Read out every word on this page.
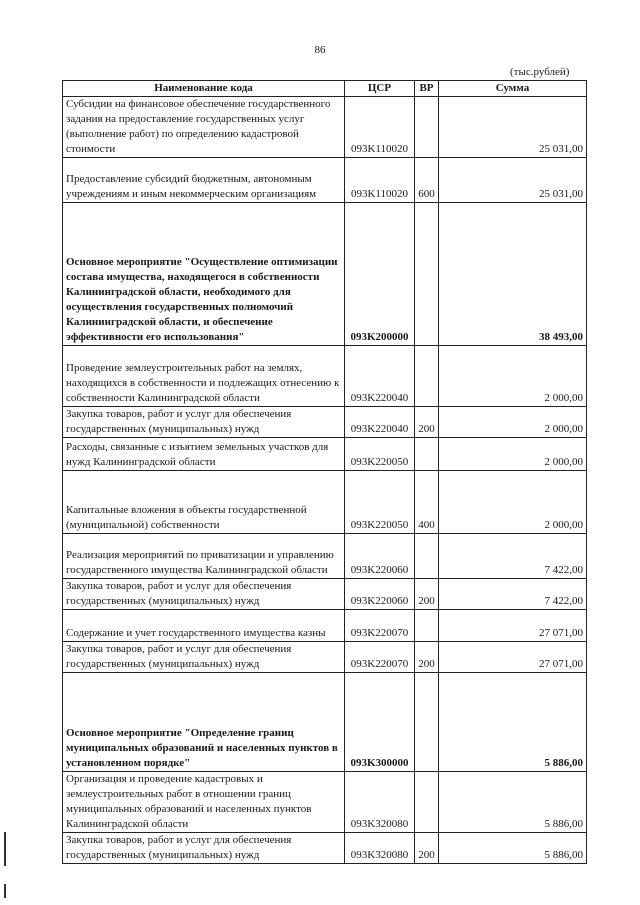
86
(тыс.рублей)
Наименование кода	ЦСР	ВР	Сумма
Субсидии на финансовое обеспечение государственного задания на предоставление государственных услуг (выполнение работ) по определению кадастровой стоимости	093K110020		25 031,00
Предоставление субсидий бюджетным, автономным учреждениям и иным некоммерческим организациям	093K110020	600	25 031,00
Основное мероприятие "Осуществление оптимизации состава имущества, находящегося в собственности Калининградской области, необходимого для осуществления государственных полномочий Калининградской области, и обеспечение эффективности его использования"	093K200000		38 493,00
Проведение землеустроительных работ на землях, находящихся в собственности и подлежащих отнесению к собственности Калининградской области	093K220040		2 000,00
Закупка товаров, работ и услуг для обеспечения государственных (муниципальных) нужд	093K220040	200	2 000,00
Расходы, связанные с изъятием земельных участков для нужд Калининградской области	093K220050		2 000,00
Капитальные вложения в объекты государственной (муниципальной) собственности	093K220050	400	2 000,00
Реализация мероприятий по приватизации и управлению государственного имущества Калининградской области	093K220060		7 422,00
Закупка товаров, работ и услуг для обеспечения государственных (муниципальных) нужд	093K220060	200	7 422,00
Содержание и учет государственного имущества казны	093K220070		27 071,00
Закупка товаров, работ и услуг для обеспечения государственных (муниципальных) нужд	093K220070	200	27 071,00
Основное мероприятие "Определение границ муниципальных образований и населенных пунктов в установленном порядке"	093K300000		5 886,00
Организация и проведение кадастровых и землеустроительных работ в отношении границ муниципальных образований и населенных пунктов Калининградской области	093K320080		5 886,00
Закупка товаров, работ и услуг для обеспечения государственных (муниципальных) нужд	093K320080	200	5 886,00
